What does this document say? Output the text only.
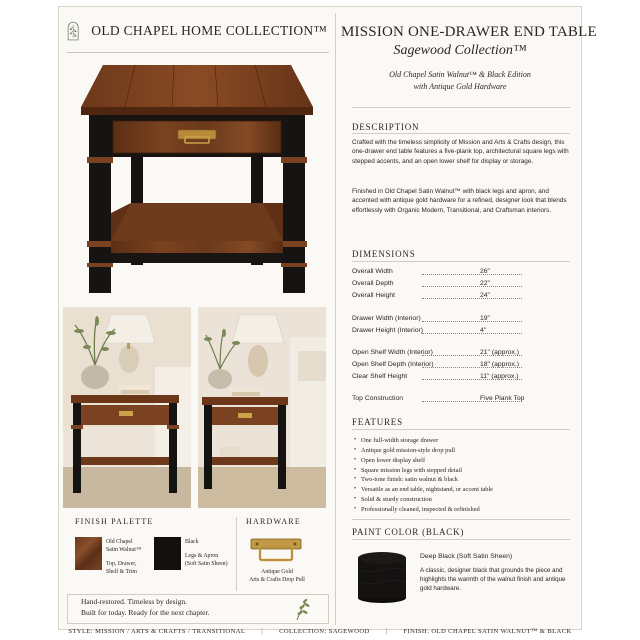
OLD CHAPEL HOME COLLECTION™
FINISH PALETTE
Old Chapel
Satin Walnut™
Top, Drawer,
Shelf & Trim
Black
Legs & Apron
(Soft Satin Sheen)
HARDWARE
Antique Gold
Arts & Crafts Drop Pull
Hand-restored. Timeless by design.
Built for today. Ready for the next chapter.
MISSION ONE-DRAWER END TABLE
Sagewood Collection™
Old Chapel Satin Walnut™ & Black Edition
with Antique Gold Hardware
DESCRIPTION
Crafted with the timeless simplicity of Mission and Arts & Crafts design, this one-drawer end table features a five-plank top, architectural square legs with stepped accents, and an open lower shelf for display or storage.
Finished in Old Chapel Satin Walnut™ with black legs and apron, and accented with antique gold hardware for a refined, designer look that blends effortlessly with Organic Modern, Transitional, and Craftsman interiors.
DIMENSIONS
Overall Width	26"
Overall Depth	22"
Overall Height	24"
Drawer Width (Interior)	19"
Drawer Height (Interior)	4"
Open Shelf Width (Interior)	21" (approx.)
Open Shelf Depth (Interior)	18" (approx.)
Clear Shelf Height	11" (approx.)
Top Construction	Five Plank Top
FEATURES
• One full-width storage drawer
• Antique gold mission-style drop pull
• Open lower display shelf
• Square mission legs with stepped detail
• Two-tone finish: satin walnut & black
• Versatile as an end table, nightstand, or accent table
• Solid & sturdy construction
• Professionally cleaned, inspected & refinished
PAINT COLOR (BLACK)
Deep Black (Soft Satin Sheen)
A classic, designer black that grounds the piece and highlights the warmth of the walnut finish and antique gold hardware.
STYLE: MISSION / ARTS & CRAFTS / TRANSITIONAL | COLLECTION: SAGEWOOD | FINISH: OLD CHAPEL SATIN WALNUT™ & BLACK
